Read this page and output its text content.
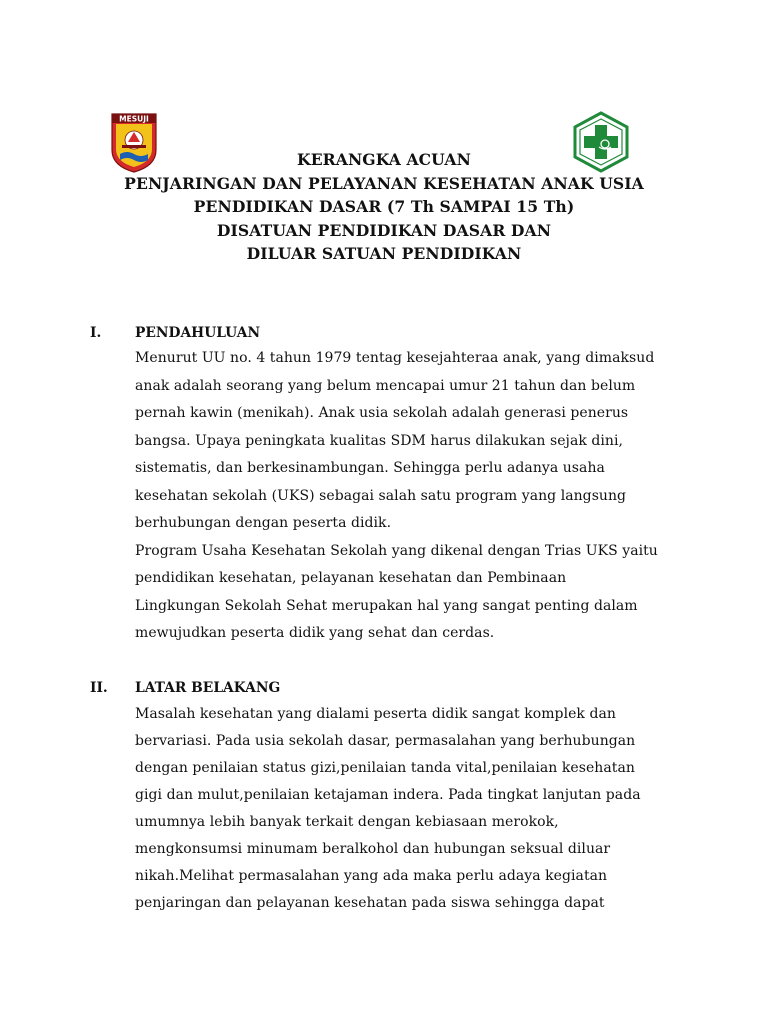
MESUJI
KERANGKA ACUAN
PENJARINGAN DAN PELAYANAN KESEHATAN ANAK USIA
PENDIDIKAN DASAR (7 Th SAMPAI 15 Th)
DISATUAN PENDIDIKAN DASAR DAN
DILUAR SATUAN PENDIDIKAN
I. PENDAHULUAN
Menurut UU no. 4 tahun 1979 tentag kesejahteraa anak, yang dimaksud
anak adalah seorang yang belum mencapai umur 21 tahun dan belum
pernah kawin (menikah). Anak usia sekolah adalah generasi penerus
bangsa. Upaya peningkata kualitas SDM harus dilakukan sejak dini,
sistematis, dan berkesinambungan. Sehingga perlu adanya usaha
kesehatan sekolah (UKS) sebagai salah satu program yang langsung
berhubungan dengan peserta didik.
Program Usaha Kesehatan Sekolah yang dikenal dengan Trias UKS yaitu
pendidikan kesehatan, pelayanan kesehatan dan Pembinaan
Lingkungan Sekolah Sehat merupakan hal yang sangat penting dalam
mewujudkan peserta didik yang sehat dan cerdas.
II. LATAR BELAKANG
Masalah kesehatan yang dialami peserta didik sangat komplek dan
bervariasi. Pada usia sekolah dasar, permasalahan yang berhubungan
dengan penilaian status gizi,penilaian tanda vital,penilaian kesehatan
gigi dan mulut,penilaian ketajaman indera. Pada tingkat lanjutan pada
umumnya lebih banyak terkait dengan kebiasaan merokok,
mengkonsumsi minumam beralkohol dan hubungan seksual diluar
nikah.Melihat permasalahan yang ada maka perlu adaya kegiatan
penjaringan dan pelayanan kesehatan pada siswa sehingga dapat
